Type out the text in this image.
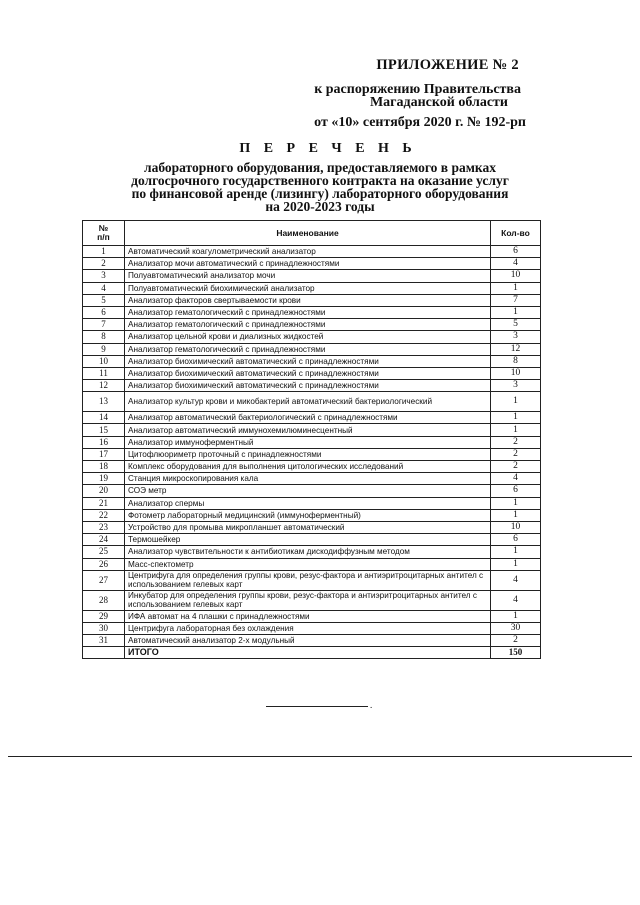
ПРИЛОЖЕНИЕ № 2
к распоряжению Правительства
Магаданской области
от «10» сентября 2020 г. № 192-рп
П Е Р Е Ч Е Н Ь
лабораторного оборудования, предоставляемого в рамках
долгосрочного государственного контракта на оказание услуг
по финансовой аренде (лизингу) лабораторного оборудования
на 2020-2023 годы
№
п/п	Наименование	Кол-во
1	Автоматический коагулометрический анализатор	6
2	Анализатор мочи автоматический с принадлежностями	4
3	Полуавтоматический анализатор мочи	10
4	Полуавтоматический биохимический анализатор	1
5	Анализатор факторов свертываемости крови	7
6	Анализатор гематологический с принадлежностями	1
7	Анализатор гематологический с принадлежностями	5
8	Анализатор цельной крови и диализных жидкостей	3
9	Анализатор гематологический с принадлежностями	12
10	Анализатор биохимический автоматический с принадлежностями	8
11	Анализатор биохимический автоматический с принадлежностями	10
12	Анализатор биохимический автоматический с принадлежностями	3
13	Анализатор культур крови и микобактерий автоматический бактериологический	1
14	Анализатор автоматический бактериологический с принадлежностями	1
15	Анализатор автоматический иммунохемилюминесцентный	1
16	Анализатор иммуноферментный	2
17	Цитофлюориметр проточный с принадлежностями	2
18	Комплекс оборудования для выполнения цитологических исследований	2
19	Станция микроскопирования кала	4
20	СОЭ метр	6
21	Анализатор спермы	1
22	Фотометр лабораторный медицинский (иммуноферментный)	1
23	Устройство для промыва микропланшет автоматический	10
24	Термошейкер	6
25	Анализатор чувствительности к антибиотикам дискодиффузным методом	1
26	Масс-спектометр	1
27	Центрифуга для определения группы крови, резус-фактора и антиэритроцитарных антител с использованием гелевых карт	4
28	Инкубатор для определения группы крови, резус-фактора и антиэритроцитарных антител с использованием гелевых карт	4
29	ИФА автомат на 4 плашки с принадлежностями	1
30	Центрифуга лабораторная без охлаждения	30
31	Автоматический анализатор 2-х модульный	2
	ИТОГО	150
.
